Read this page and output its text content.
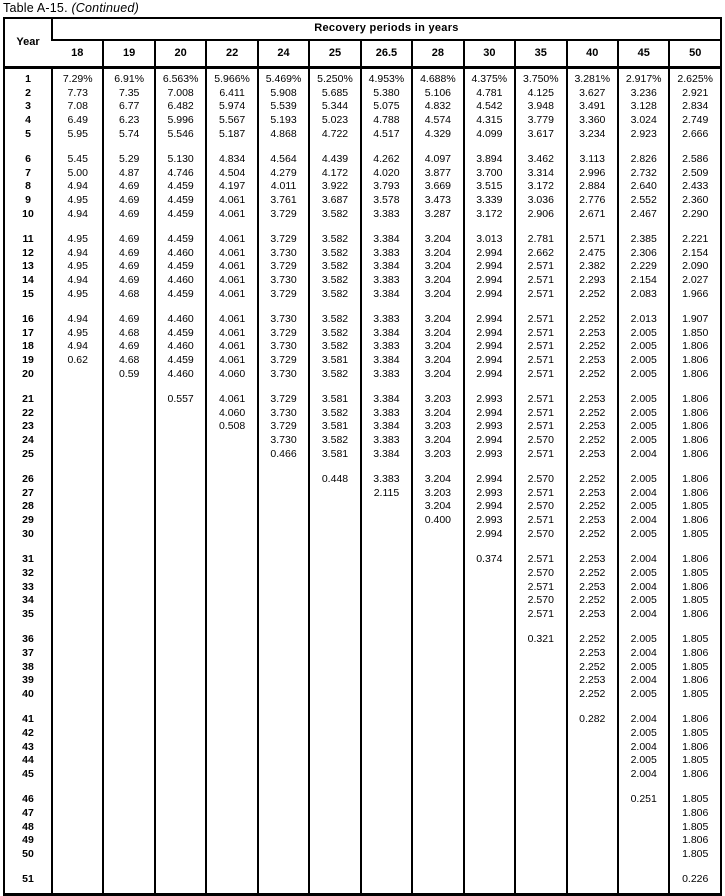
Table A-15. (Continued)

Year	Recovery periods in years												
	18	19	20	22	24	25	26.5	28	30	35	40	45	50
1	7.29%	6.91%	6.563%	5.966%	5.469%	5.250%	4.953%	4.688%	4.375%	3.750%	3.281%	2.917%	2.625%
2	7.73	7.35	7.008	6.411	5.908	5.685	5.380	5.106	4.781	4.125	3.627	3.236	2.921
3	7.08	6.77	6.482	5.974	5.539	5.344	5.075	4.832	4.542	3.948	3.491	3.128	2.834
4	6.49	6.23	5.996	5.567	5.193	5.023	4.788	4.574	4.315	3.779	3.360	3.024	2.749
5	5.95	5.74	5.546	5.187	4.868	4.722	4.517	4.329	4.099	3.617	3.234	2.923	2.666

6	5.45	5.29	5.130	4.834	4.564	4.439	4.262	4.097	3.894	3.462	3.113	2.826	2.586
7	5.00	4.87	4.746	4.504	4.279	4.172	4.020	3.877	3.700	3.314	2.996	2.732	2.509
8	4.94	4.69	4.459	4.197	4.011	3.922	3.793	3.669	3.515	3.172	2.884	2.640	2.433
9	4.95	4.69	4.459	4.061	3.761	3.687	3.578	3.473	3.339	3.036	2.776	2.552	2.360
10	4.94	4.69	4.459	4.061	3.729	3.582	3.383	3.287	3.172	2.906	2.671	2.467	2.290

11	4.95	4.69	4.459	4.061	3.729	3.582	3.384	3.204	3.013	2.781	2.571	2.385	2.221
12	4.94	4.69	4.460	4.061	3.730	3.582	3.383	3.204	2.994	2.662	2.475	2.306	2.154
13	4.95	4.69	4.459	4.061	3.729	3.582	3.384	3.204	2.994	2.571	2.382	2.229	2.090
14	4.94	4.69	4.460	4.061	3.730	3.582	3.383	3.204	2.994	2.571	2.293	2.154	2.027
15	4.95	4.68	4.459	4.061	3.729	3.582	3.384	3.204	2.994	2.571	2.252	2.083	1.966

16	4.94	4.69	4.460	4.061	3.730	3.582	3.383	3.204	2.994	2.571	2.252	2.013	1.907
17	4.95	4.68	4.459	4.061	3.729	3.582	3.384	3.204	2.994	2.571	2.253	2.005	1.850
18	4.94	4.69	4.460	4.061	3.730	3.582	3.383	3.204	2.994	2.571	2.252	2.005	1.806
19	0.62	4.68	4.459	4.061	3.729	3.581	3.384	3.204	2.994	2.571	2.253	2.005	1.806
20		0.59	4.460	4.060	3.730	3.582	3.383	3.204	2.994	2.571	2.252	2.005	1.806

21			0.557	4.061	3.729	3.581	3.384	3.203	2.993	2.571	2.253	2.005	1.806
22				4.060	3.730	3.582	3.383	3.204	2.994	2.571	2.252	2.005	1.806
23				0.508	3.729	3.581	3.384	3.203	2.993	2.571	2.253	2.005	1.806
24					3.730	3.582	3.383	3.204	2.994	2.570	2.252	2.005	1.806
25					0.466	3.581	3.384	3.203	2.993	2.571	2.253	2.004	1.806

26						0.448	3.383	3.204	2.994	2.570	2.252	2.005	1.806
27							2.115	3.203	2.993	2.571	2.253	2.004	1.806
28								3.204	2.994	2.570	2.252	2.005	1.805
29								0.400	2.993	2.571	2.253	2.004	1.806
30									2.994	2.570	2.252	2.005	1.805

31									0.374	2.571	2.253	2.004	1.806
32										2.570	2.252	2.005	1.805
33										2.571	2.253	2.004	1.806
34										2.570	2.252	2.005	1.805
35										2.571	2.253	2.004	1.806

36										0.321	2.252	2.005	1.805
37											2.253	2.004	1.806
38											2.252	2.005	1.805
39											2.253	2.004	1.806
40											2.252	2.005	1.805

41											0.282	2.004	1.806
42												2.005	1.805
43												2.004	1.806
44												2.005	1.805
45												2.004	1.806

46												0.251	1.805
47													1.806
48													1.805
49													1.806
50													1.805

51													0.226
